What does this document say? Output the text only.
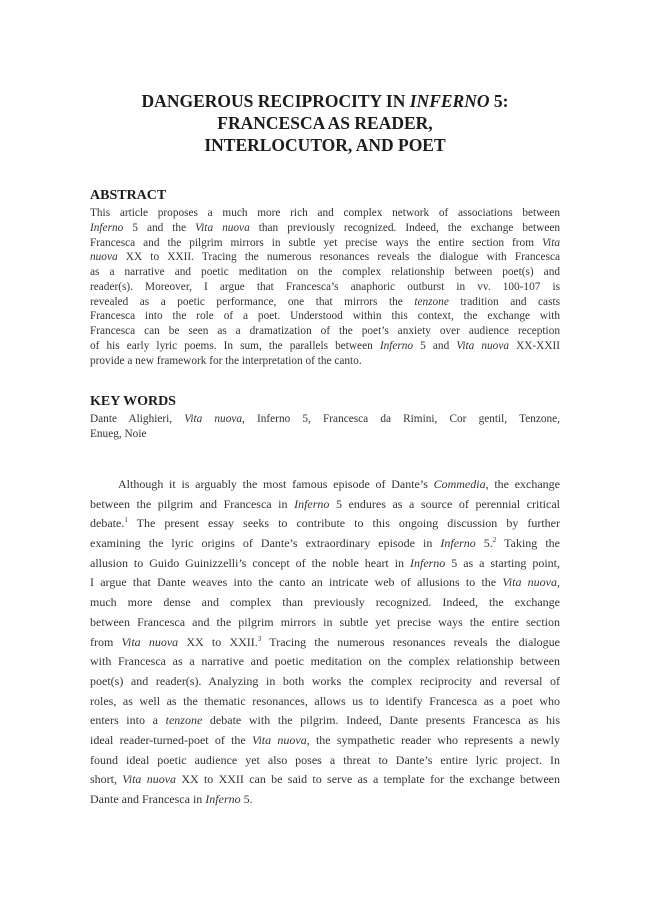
DANGEROUS RECIPROCITY IN INFERNO 5:
FRANCESCA AS READER,
INTERLOCUTOR, AND POET
ABSTRACT
This article proposes a much more rich and complex network of associations between
Inferno 5 and the Vita nuova than previously recognized. Indeed, the exchange between
Francesca and the pilgrim mirrors in subtle yet precise ways the entire section from Vita
nuova XX to XXII. Tracing the numerous resonances reveals the dialogue with Francesca
as a narrative and poetic meditation on the complex relationship between poet(s) and
reader(s). Moreover, I argue that Francesca’s anaphoric outburst in vv. 100-107 is
revealed as a poetic performance, one that mirrors the tenzone tradition and casts
Francesca into the role of a poet. Understood within this context, the exchange with
Francesca can be seen as a dramatization of the poet’s anxiety over audience reception
of his early lyric poems. In sum, the parallels between Inferno 5 and Vita nuova XX-XXII
provide a new framework for the interpretation of the canto.
KEY WORDS
Dante Alighieri, Vita nuova, Inferno 5, Francesca da Rimini, Cor gentil, Tenzone,
Enueg, Noie
Although it is arguably the most famous episode of Dante’s Commedia, the exchange
between the pilgrim and Francesca in Inferno 5 endures as a source of perennial critical
debate.$^1$ The present essay seeks to contribute to this ongoing discussion by further
examining the lyric origins of Dante’s extraordinary episode in Inferno 5.$^2$ Taking the
allusion to Guido Guinizzelli’s concept of the noble heart in Inferno 5 as a starting point,
I argue that Dante weaves into the canto an intricate web of allusions to the Vita nuova,
much more dense and complex than previously recognized. Indeed, the exchange
between Francesca and the pilgrim mirrors in subtle yet precise ways the entire section
from Vita nuova XX to XXII.$^3$ Tracing the numerous resonances reveals the dialogue
with Francesca as a narrative and poetic meditation on the complex relationship between
poet(s) and reader(s). Analyzing in both works the complex reciprocity and reversal of
roles, as well as the thematic resonances, allows us to identify Francesca as a poet who
enters into a tenzone debate with the pilgrim. Indeed, Dante presents Francesca as his
ideal reader-turned-poet of the Vita nuova, the sympathetic reader who represents a newly
found ideal poetic audience yet also poses a threat to Dante’s entire lyric project. In
short, Vita nuova XX to XXII can be said to serve as a template for the exchange between
Dante and Francesca in Inferno 5.
